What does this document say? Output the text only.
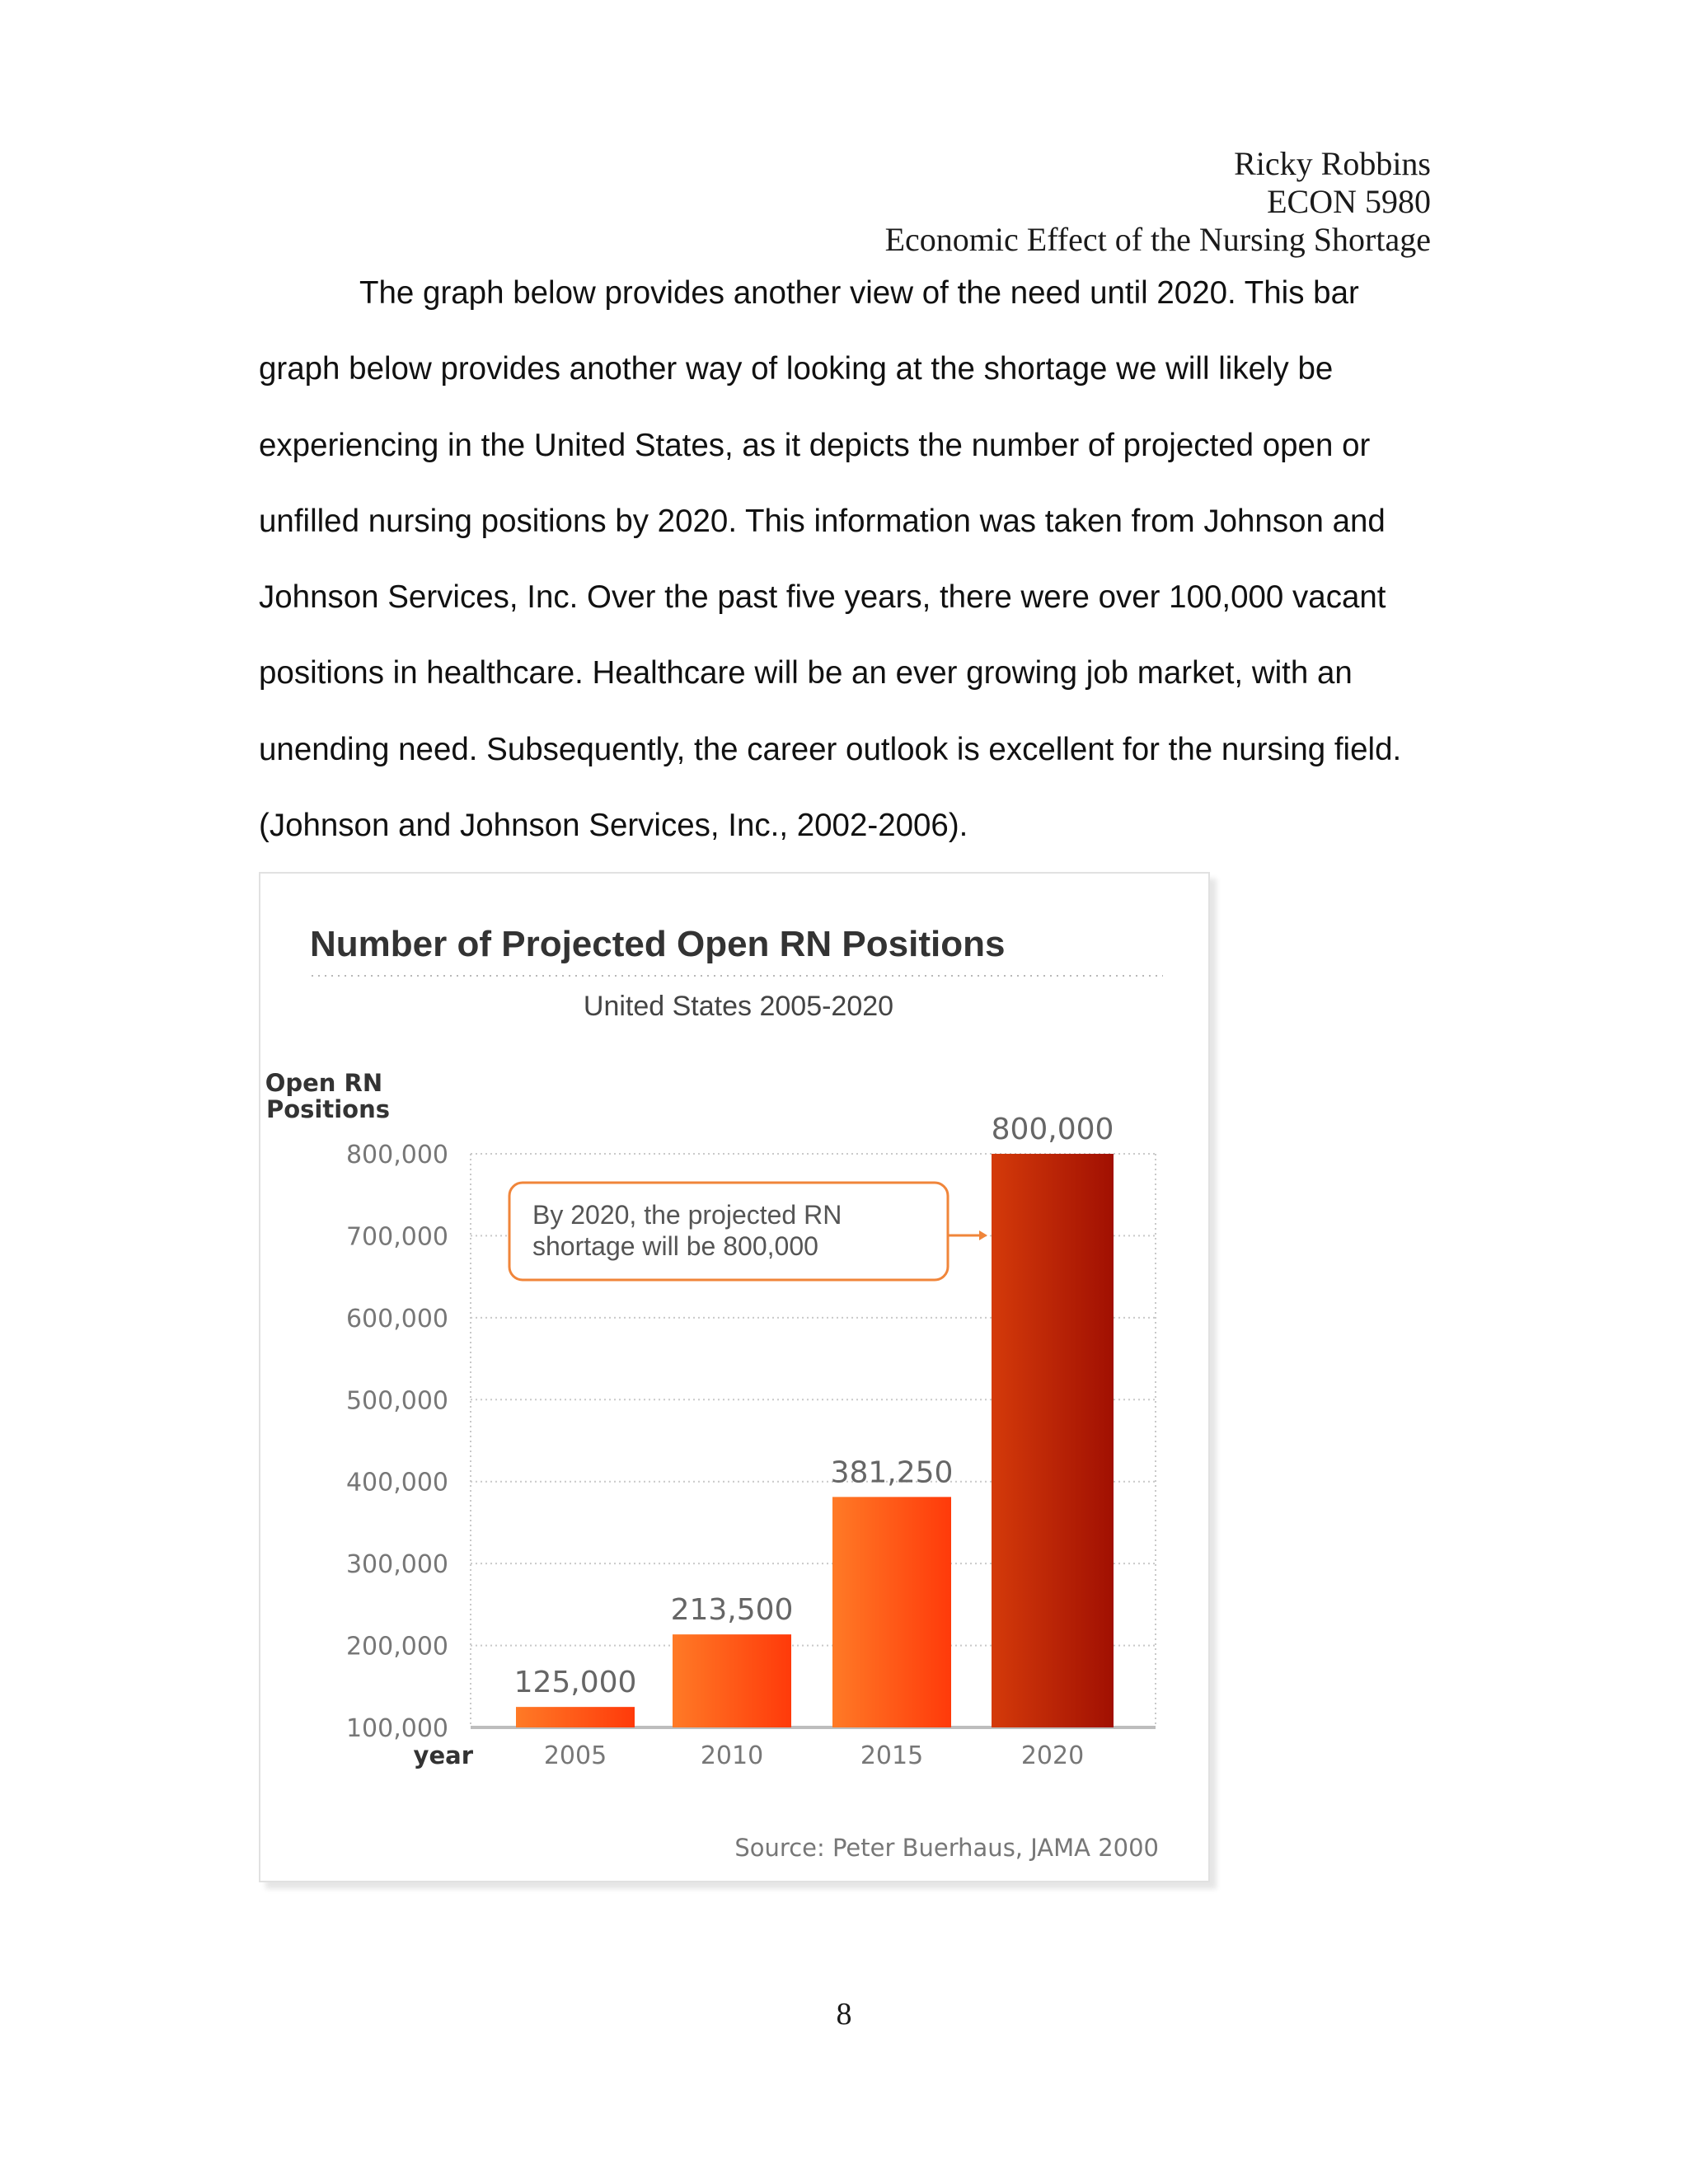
Ricky Robbins
ECON 5980
Economic Effect of the Nursing Shortage

The graph below provides another view of the need until 2020. This bar graph below provides another way of looking at the shortage we will likely be experiencing in the United States, as it depicts the number of projected open or unfilled nursing positions by 2020. This information was taken from Johnson and Johnson Services, Inc. Over the past five years, there were over 100,000 vacant positions in healthcare. Healthcare will be an ever growing job market, with an unending need. Subsequently, the career outlook is excellent for the nursing field. (Johnson and Johnson Services, Inc., 2002-2006).

Number of Projected Open RN Positions
United States 2005-2020
Open RN Positions
100,000
200,000
300,000
400,000
500,000
600,000
700,000
800,000
125,000
213,500
381,250
800,000
2005	2010	2015	2020
year
By 2020, the projected RN
shortage will be 800,000
Source: Peter Buerhaus, JAMA 2000
8
